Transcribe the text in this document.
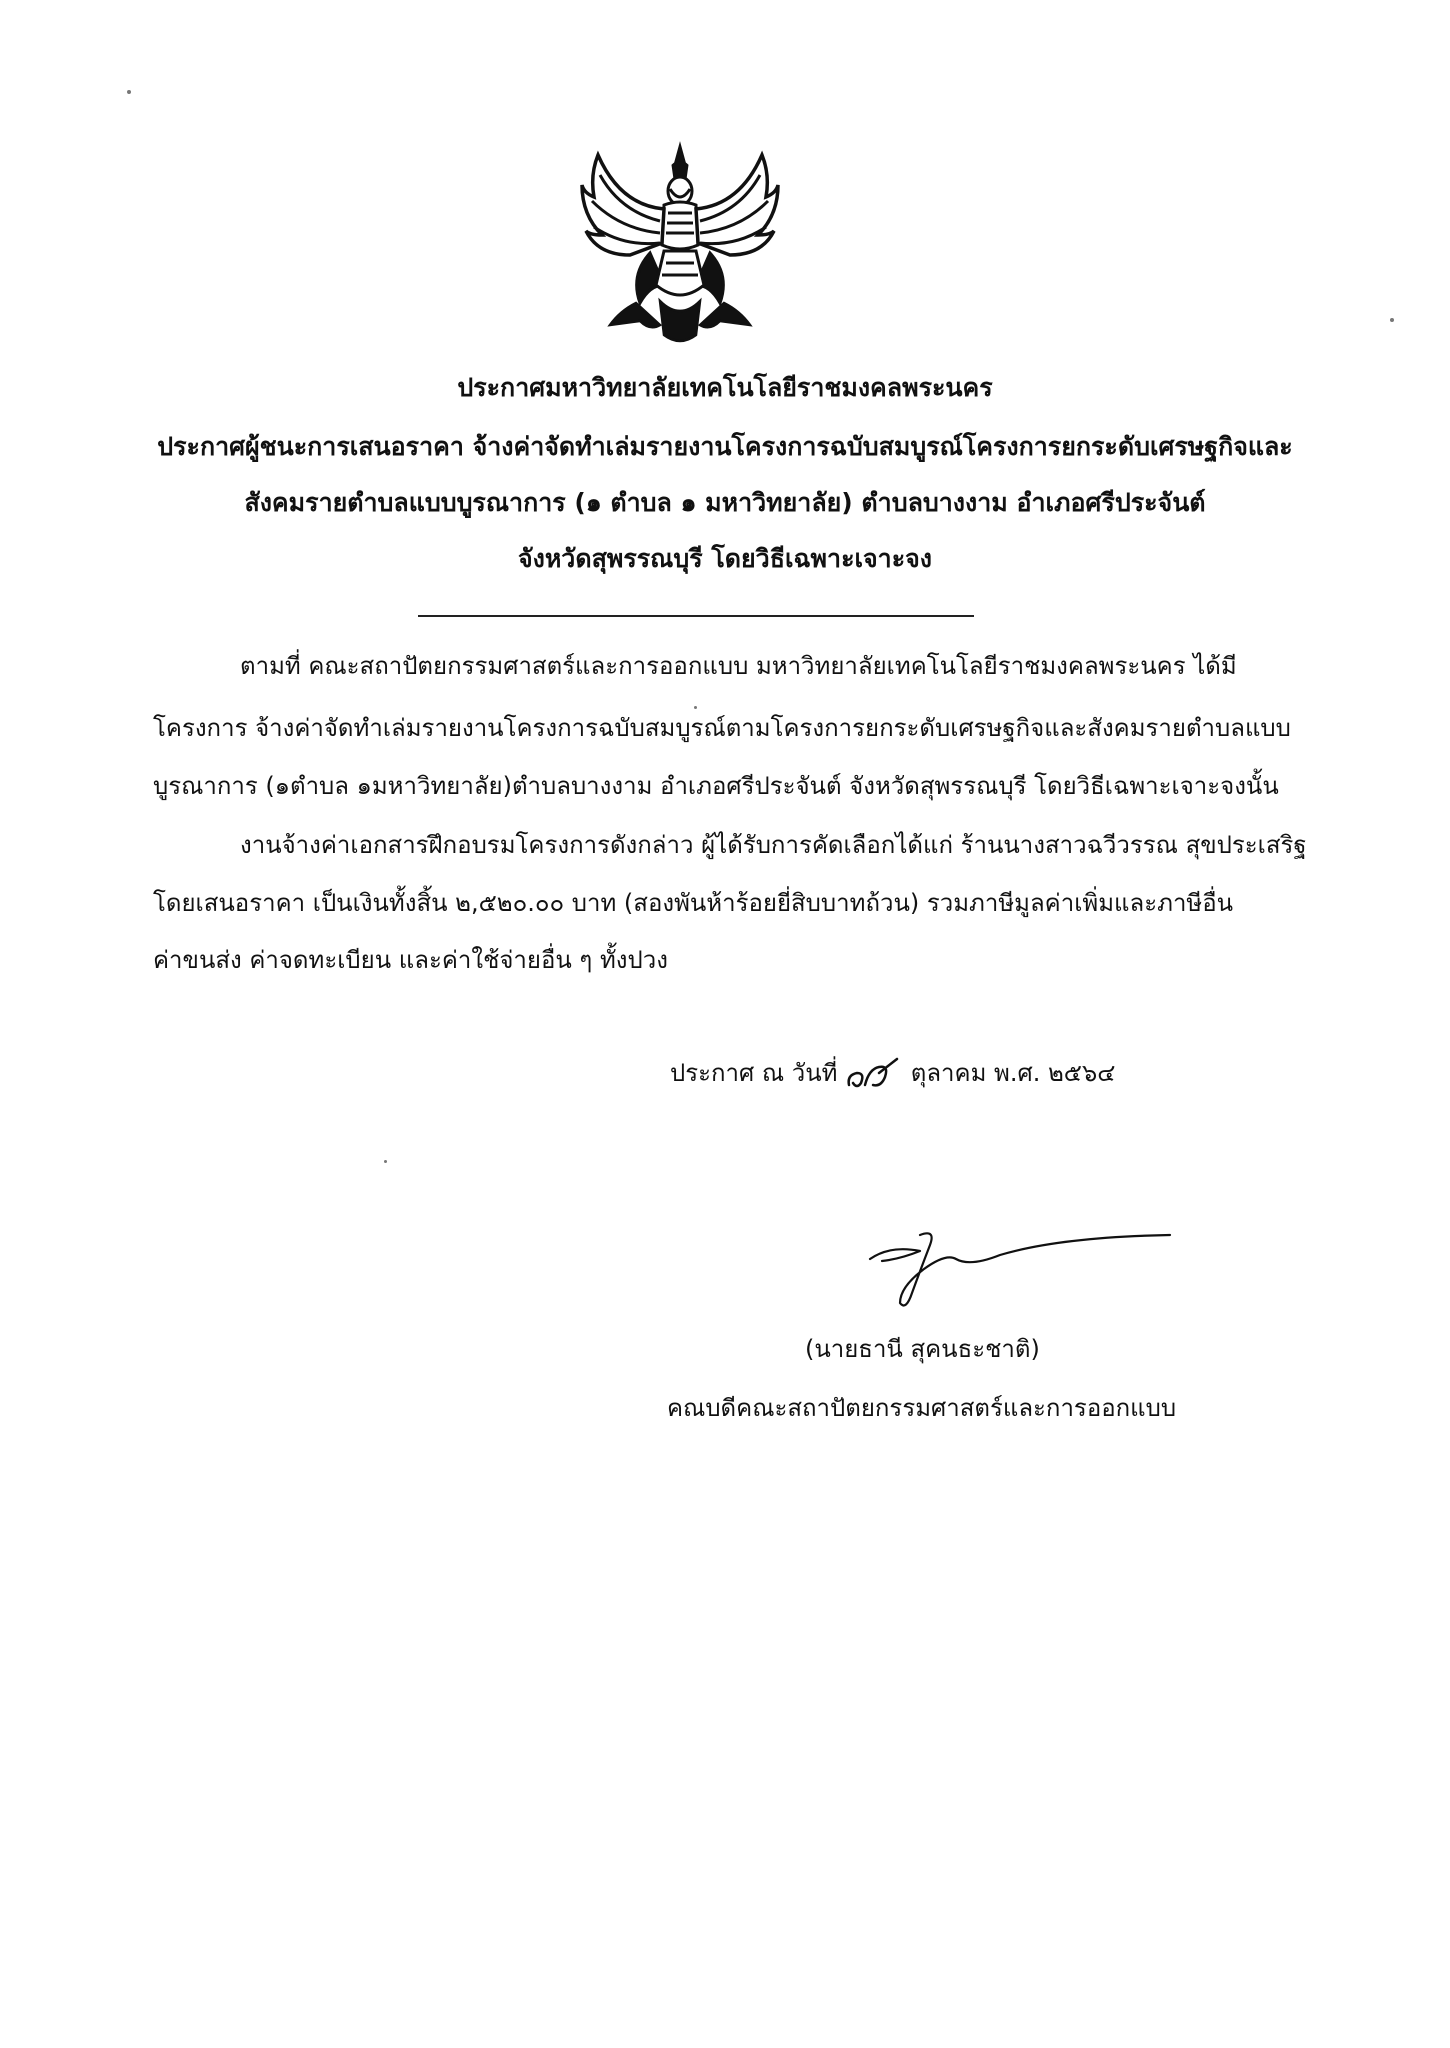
ประกาศมหาวิทยาลัยเทคโนโลยีราชมงคลพระนคร
ประกาศผู้ชนะการเสนอราคา จ้างค่าจัดทำเล่มรายงานโครงการฉบับสมบูรณ์โครงการยกระดับเศรษฐกิจและ
สังคมรายตำบลแบบบูรณาการ (๑ ตำบล ๑ มหาวิทยาลัย) ตำบลบางงาม อำเภอศรีประจันต์
จังหวัดสุพรรณบุรี โดยวิธีเฉพาะเจาะจง
ตามที่ คณะสถาปัตยกรรมศาสตร์และการออกแบบ มหาวิทยาลัยเทคโนโลยีราชมงคลพระนคร ได้มี
โครงการ จ้างค่าจัดทำเล่มรายงานโครงการฉบับสมบูรณ์ตามโครงการยกระดับเศรษฐกิจและสังคมรายตำบลแบบ
บูรณาการ (๑ตำบล ๑มหาวิทยาลัย)ตำบลบางงาม อำเภอศรีประจันต์ จังหวัดสุพรรณบุรี โดยวิธีเฉพาะเจาะจงนั้น
งานจ้างค่าเอกสารฝึกอบรมโครงการดังกล่าว ผู้ได้รับการคัดเลือกได้แก่ ร้านนางสาวฉวีวรรณ สุขประเสริฐ
โดยเสนอราคา เป็นเงินทั้งสิ้น ๒,๕๒๐.๐๐ บาท (สองพันห้าร้อยยี่สิบบาทถ้วน) รวมภาษีมูลค่าเพิ่มและภาษีอื่น
ค่าขนส่ง ค่าจดทะเบียน และค่าใช้จ่ายอื่น ๆ ทั้งปวง
ประกาศ ณ วันที่	ตุลาคม พ.ศ. ๒๕๖๔
(นายธานี สุคนธะชาติ)
คณบดีคณะสถาปัตยกรรมศาสตร์และการออกแบบ
